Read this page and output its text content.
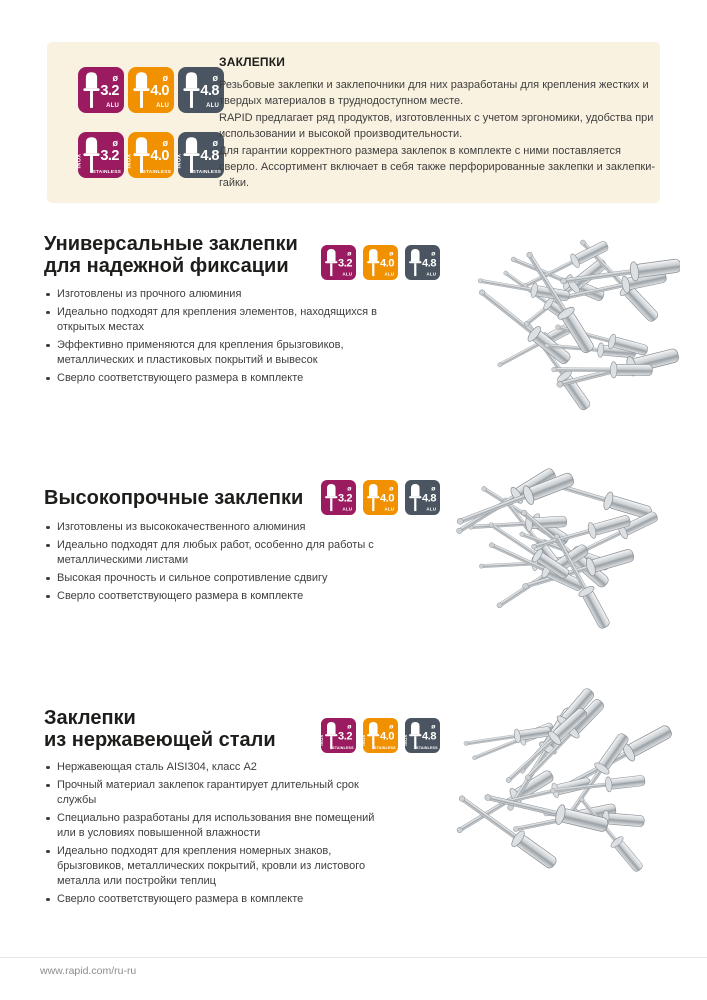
ø
3.2
ALU
ø
4.0
ALU
ø
4.8
ALU
ø
3.2
STAINLESS
INOX
ø
4.0
STAINLESS
INOX
ø
4.8
STAINLESS
INOX
ЗАКЛЕПКИ

Резьбовые заклепки и заклепочники для них разработаны для крепления жестких и твердых материалов в труднодоступном месте.

RAPID предлагает ряд продуктов, изготовленных с учетом эргономики, удобства при использовании и высокой производительности.

Для гарантии корректного размера заклепок в комплекте с ними поставляется сверло. Ассортимент включает в себя также перфорированные заклепки и заклепки-гайки.

Универсальные заклепки
для надежной фиксации
ø
3.2
ALU
ø
4.0
ALU
ø
4.8
ALU
Изготовлены из прочного алюминия
Идеально подходят для крепления элементов, находящихся в открытых местах
Эффективно применяются для крепления брызговиков, металлических и пластиковых покрытий и вывесок
Сверло соответствующего размера в комплекте
Высокопрочные заклепки	ø
3.2
ALU
ø
4.0
ALU
ø
4.8
ALU
Изготовлены из высококачественного алюминия
Идеально подходят для любых работ, особенно для работы с металлическими листами
Высокая прочность и сильное сопротивление сдвигу
Сверло соответствующего размера в комплекте
Заклепки
из нержавеющей стали
ø
3.2
STAINLESS
INOX
ø
4.0
STAINLESS
INOX
ø
4.8
STAINLESS
INOX
Нержавеющая сталь AISI304, класс А2
Прочный материал заклепок гарантирует длительный срок службы
Специально разработаны для использования вне помещений или в условиях повышенной влажности
Идеально подходят для крепления номерных знаков, брызговиков, металлических покрытий, кровли из листового металла или постройки теплиц
Сверло соответствующего размера в комплекте
www.rapid.com/ru-ru
